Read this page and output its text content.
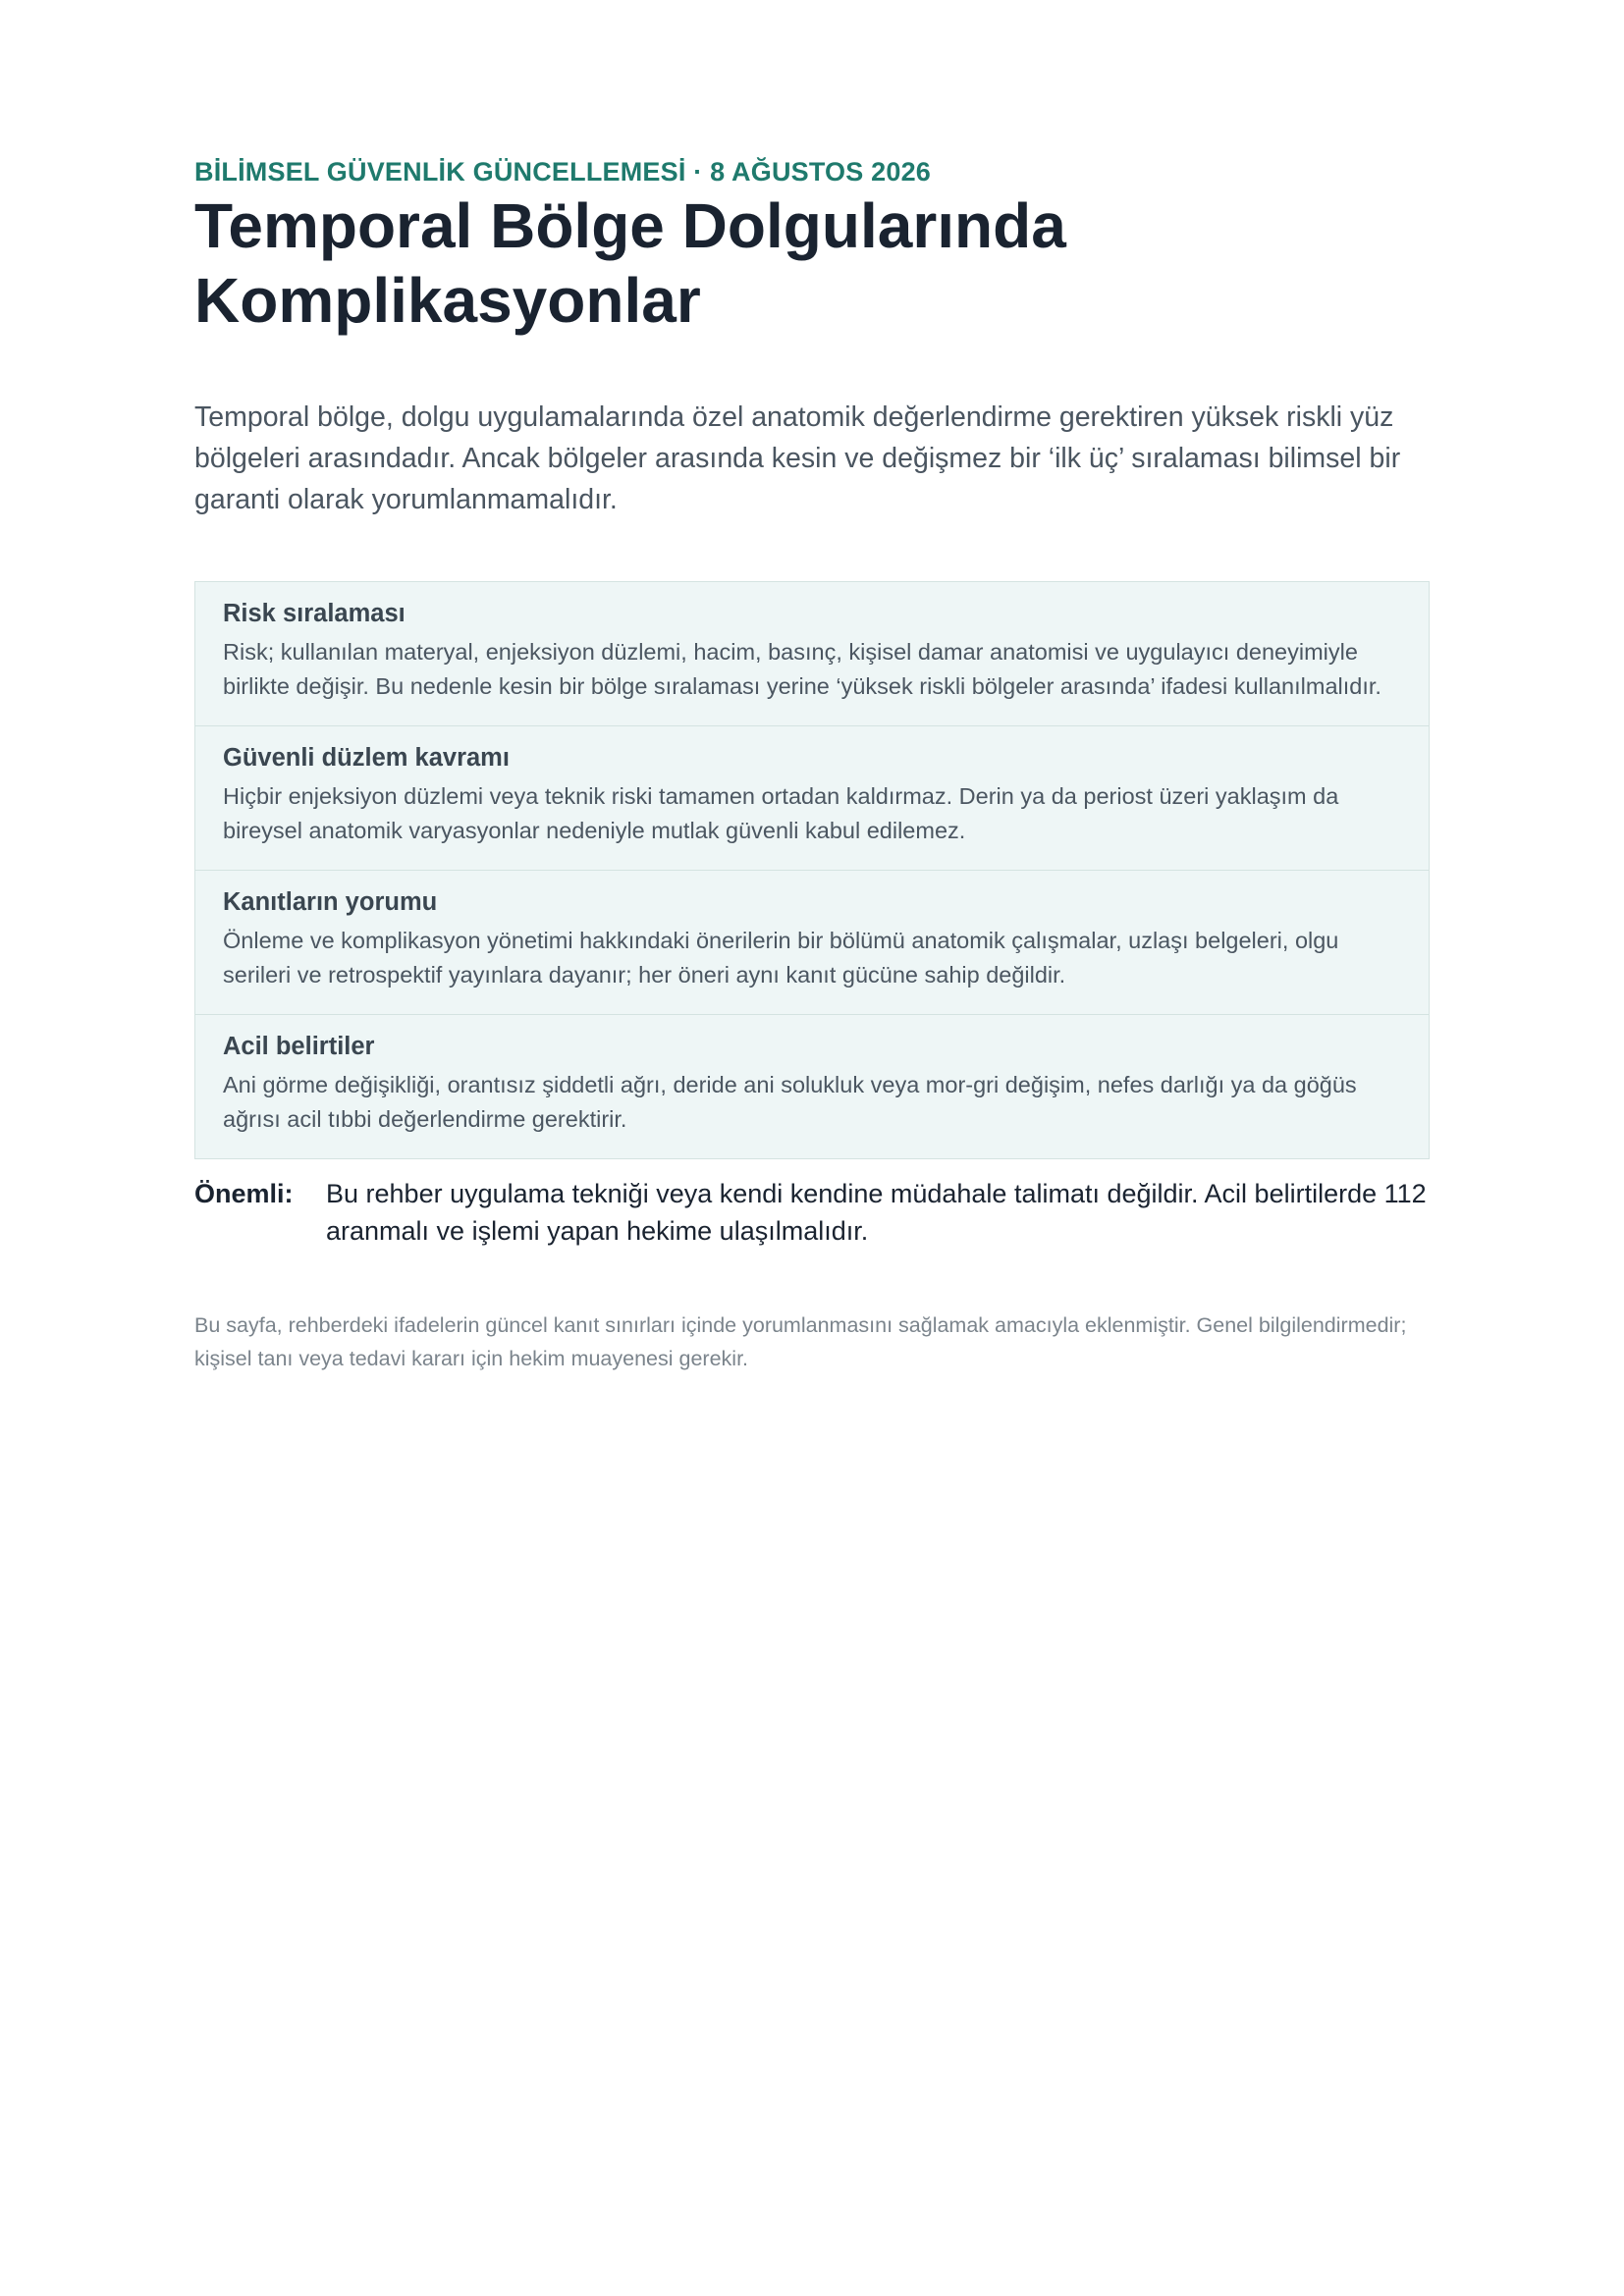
BİLİMSEL GÜVENLİK GÜNCELLEMESİ · 8 AĞUSTOS 2026

Temporal Bölge Dolgularında Komplikasyonlar

Temporal bölge, dolgu uygulamalarında özel anatomik değerlendirme gerektiren yüksek riskli yüz bölgeleri arasındadır. Ancak bölgeler arasında kesin ve değişmez bir ‘ilk üç’ sıralaması bilimsel bir garanti olarak yorumlanmamalıdır.

Risk sıralaması

Risk; kullanılan materyal, enjeksiyon düzlemi, hacim, basınç, kişisel damar anatomisi ve uygulayıcı deneyimiyle birlikte değişir. Bu nedenle kesin bir bölge sıralaması yerine ‘yüksek riskli bölgeler arasında’ ifadesi kullanılmalıdır.

Güvenli düzlem kavramı

Hiçbir enjeksiyon düzlemi veya teknik riski tamamen ortadan kaldırmaz. Derin ya da periost üzeri yaklaşım da bireysel anatomik varyasyonlar nedeniyle mutlak güvenli kabul edilemez.

Kanıtların yorumu

Önleme ve komplikasyon yönetimi hakkındaki önerilerin bir bölümü anatomik çalışmalar, uzlaşı belgeleri, olgu serileri ve retrospektif yayınlara dayanır; her öneri aynı kanıt gücüne sahip değildir.

Acil belirtiler

Ani görme değişikliği, orantısız şiddetli ağrı, deride ani solukluk veya mor-gri değişim, nefes darlığı ya da göğüs ağrısı acil tıbbi değerlendirme gerektirir.

Önemli:	Bu rehber uygulama tekniği veya kendi kendine müdahale talimatı değildir. Acil belirtilerde 112 aranmalı ve işlemi yapan hekime ulaşılmalıdır.

Bu sayfa, rehberdeki ifadelerin güncel kanıt sınırları içinde yorumlanmasını sağlamak amacıyla eklenmiştir. Genel bilgilendirmedir; kişisel tanı veya tedavi kararı için hekim muayenesi gerekir.
